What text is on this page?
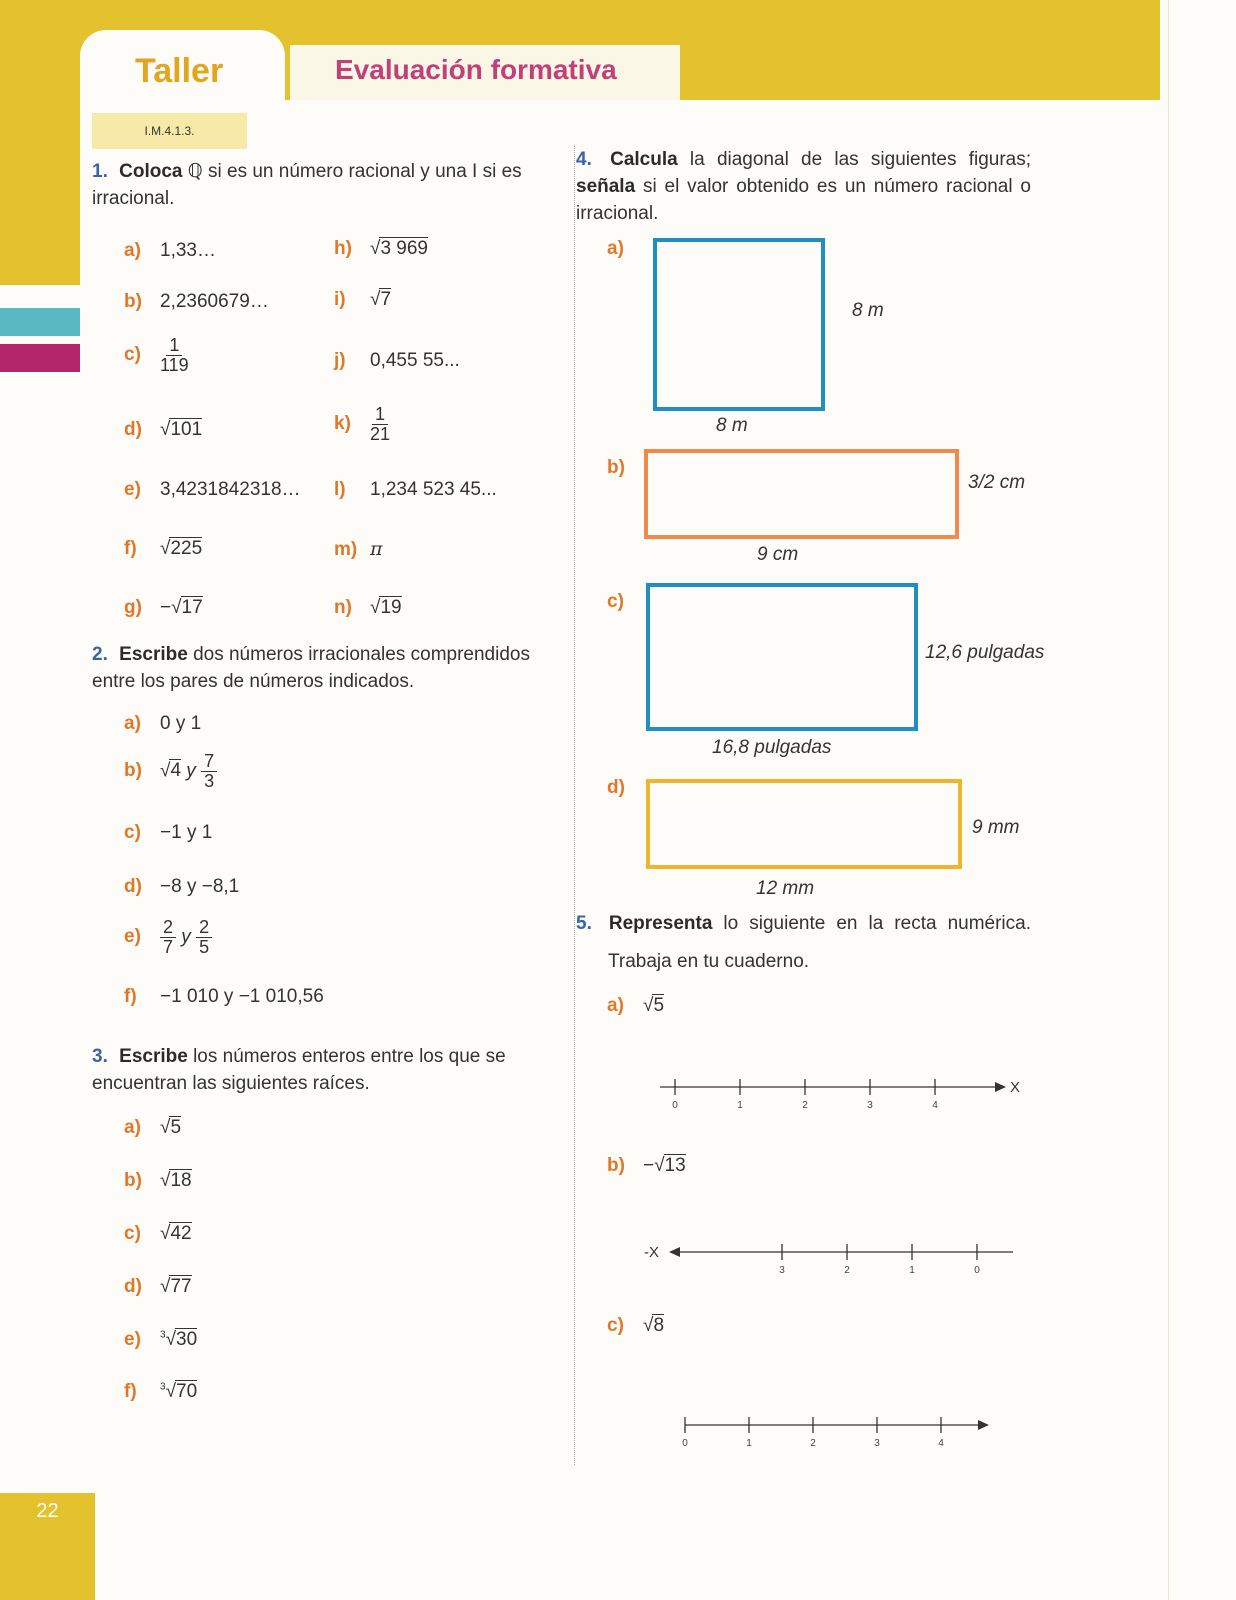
Taller	Evaluación formativa
I.M.4.1.3.
22
1. Coloca ℚ si es un número racional y una I si es irracional.
a) 1,33…
b) 2,2360679…
$c) \frac{1}{119}$
d) √101
e) 3,4231842318…
f) √225
g) −√17
h) √3 969
i) √7
j) 0,455 55...
$k) \frac{1}{21}$
l) 1,234 523 45...
m) π
n) √19
2. Escribe dos números irracionales comprendidos entre los pares de números indicados.
a) 0 y 1
b) √4 y $\frac{7}{3}$
c) −1 y 1
d) −8 y −8,1
$e) \frac{2}{7}$ y $\frac{2}{5}$
f) −1 010 y −1 010,56
3. Escribe los números enteros entre los que se encuentran las siguientes raíces.
a) √5
b) √18
c) √42
d) √77
e) $^3$√30
f) $^3$√70
4. Calcula la diagonal de las siguientes figuras; señala si el valor obtenido es un número racional o irracional.
a)
8 m
8 m
b)
3/2 cm
9 cm
c)
12,6 pulgadas
16,8 pulgadas
d)
9 mm
12 mm
5. Representa lo siguiente en la recta numérica.
Trabaja en tu cuaderno.
a) √5
0	1	2	3	4
X
b) −√13
-X
3	2	1	0
c) √8
0	1	2	3	4
